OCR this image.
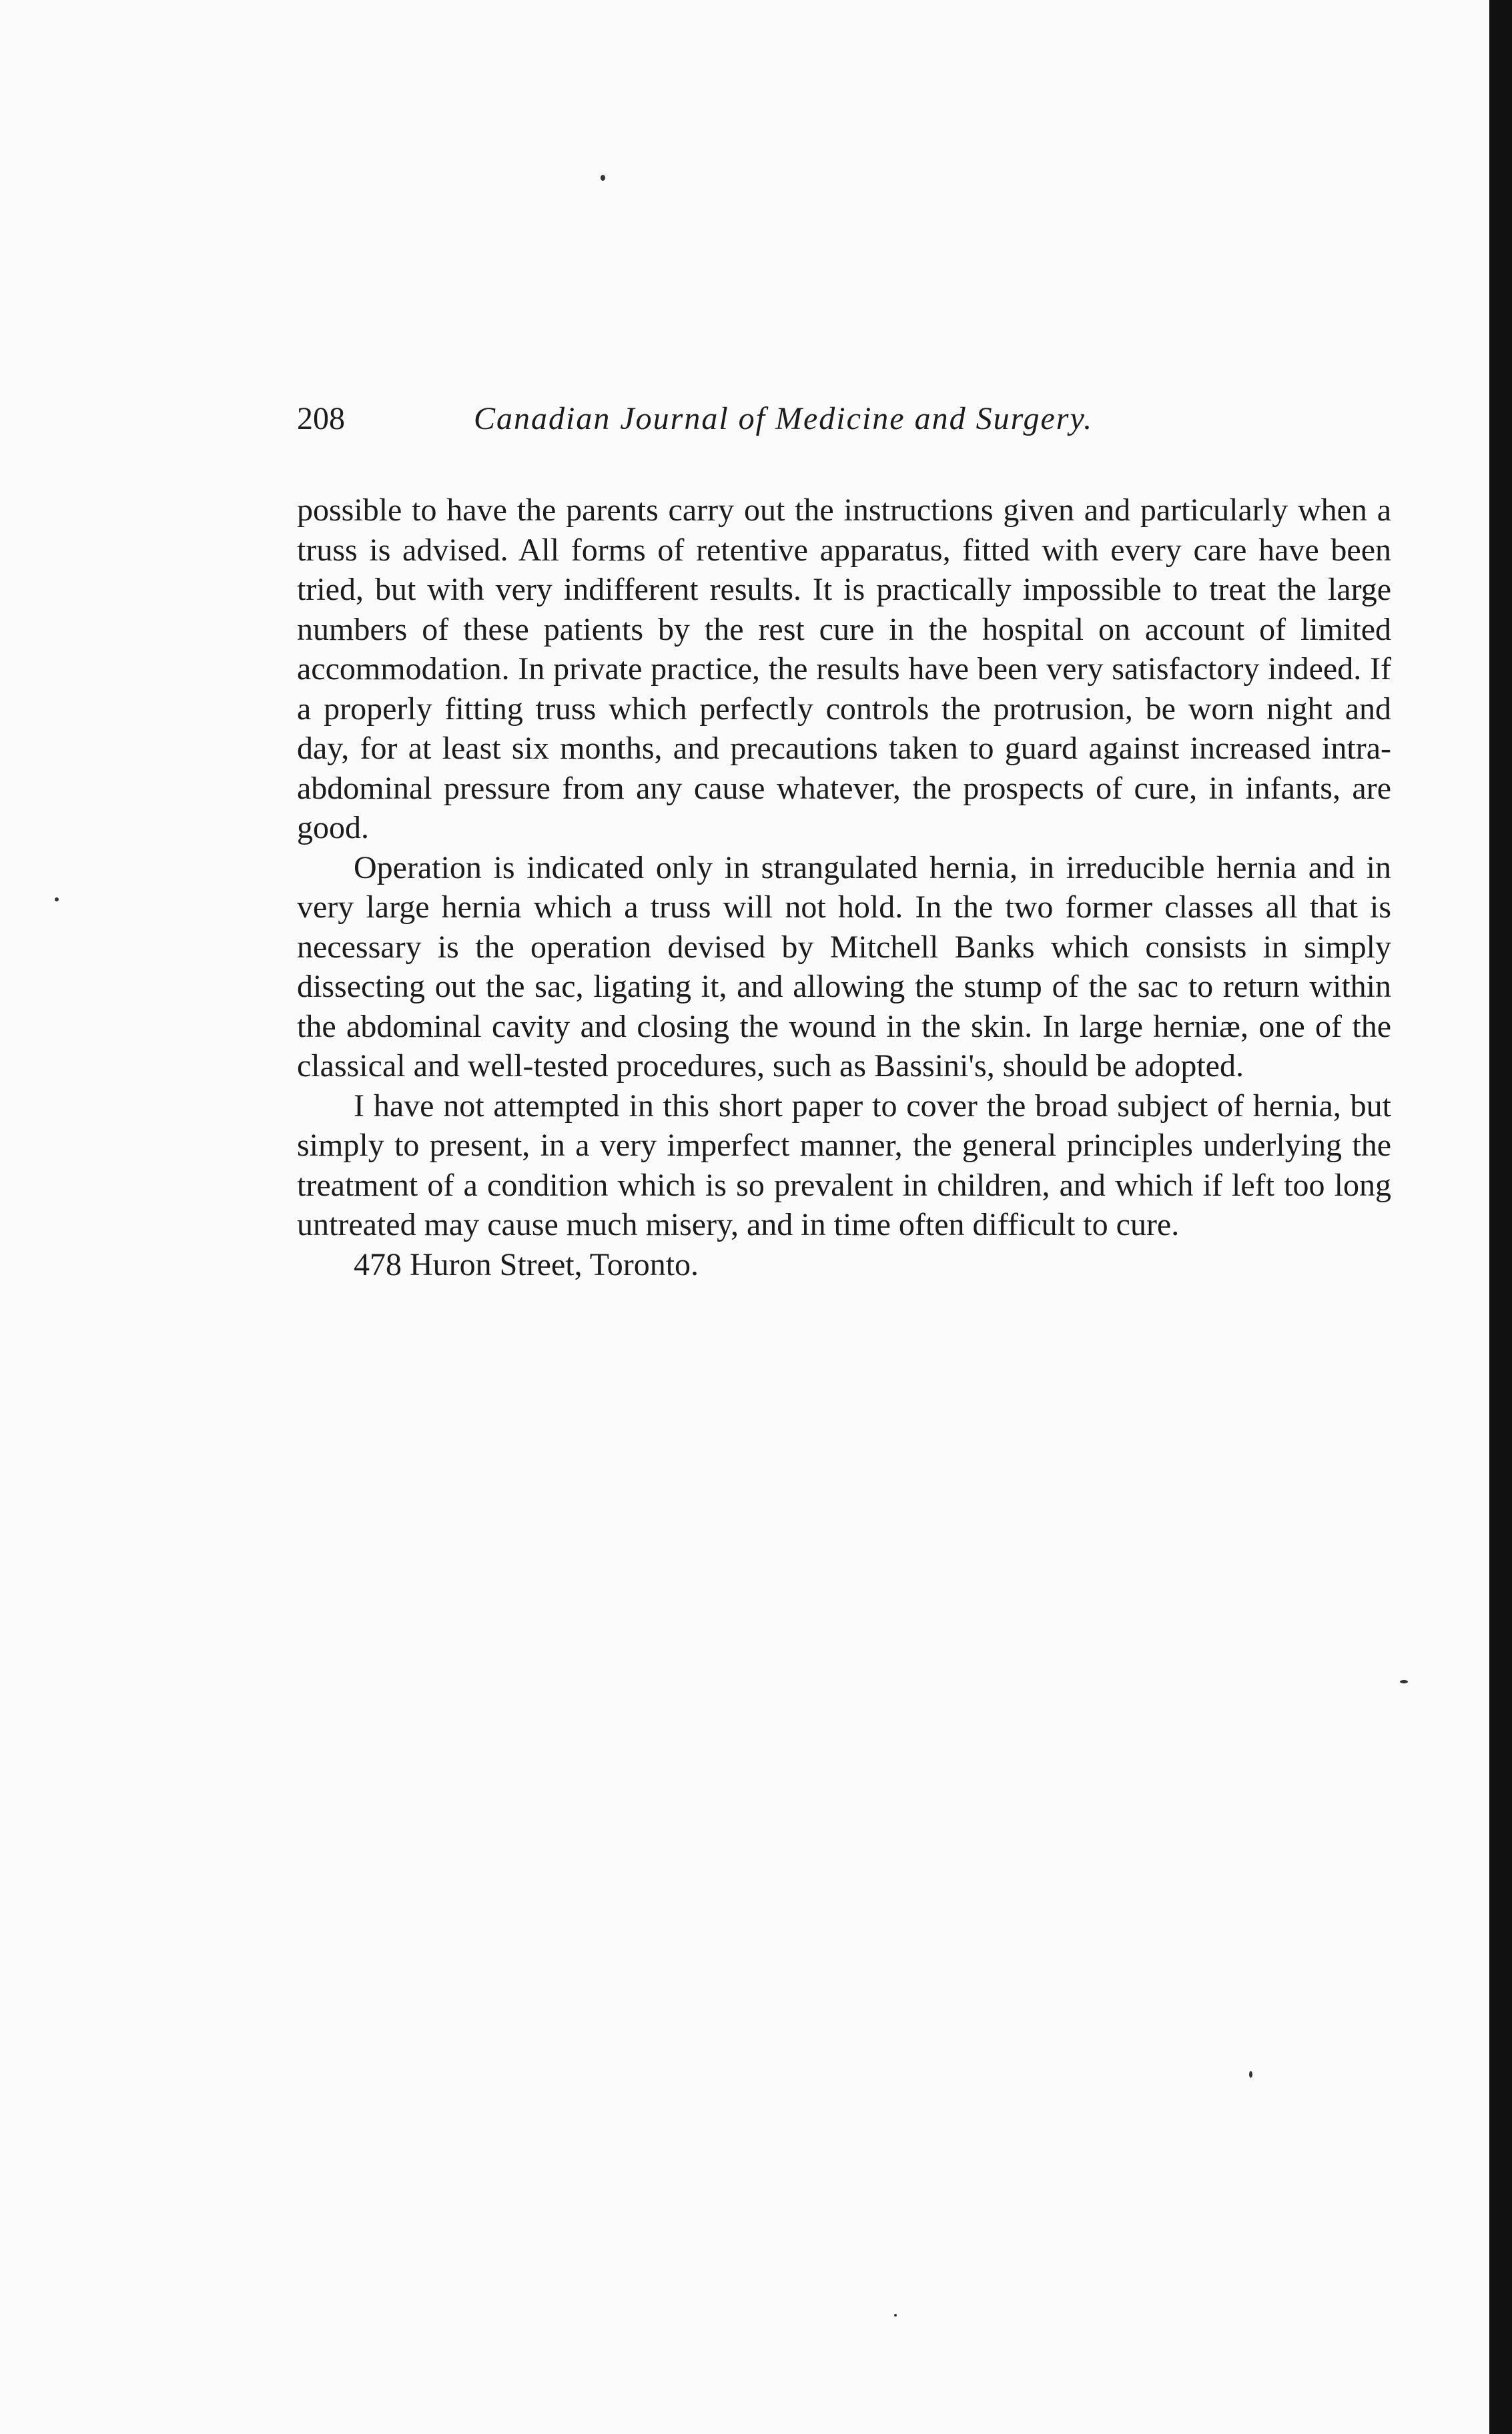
208	Canadian Journal of Medicine and Surgery.

possible to have the parents carry out the instructions given and particularly when a truss is advised. All forms of retentive apparatus, fitted with every care have been tried, but with very indifferent results. It is practically impossible to treat the large numbers of these patients by the rest cure in the hospital on account of limited accommodation. In private practice, the results have been very satisfactory indeed. If a properly fitting truss which perfectly controls the protrusion, be worn night and day, for at least six months, and precautions taken to guard against increased intra-abdominal pressure from any cause whatever, the prospects of cure, in infants, are good.

Operation is indicated only in strangulated hernia, in irreducible hernia and in very large hernia which a truss will not hold. In the two former classes all that is necessary is the operation devised by Mitchell Banks which consists in simply dissecting out the sac, ligating it, and allowing the stump of the sac to return within the abdominal cavity and closing the wound in the skin. In large herniæ, one of the classical and well-tested procedures, such as Bassini's, should be adopted.

I have not attempted in this short paper to cover the broad subject of hernia, but simply to present, in a very imperfect manner, the general principles underlying the treatment of a condition which is so prevalent in children, and which if left too long untreated may cause much misery, and in time often difficult to cure.

478 Huron Street, Toronto.
